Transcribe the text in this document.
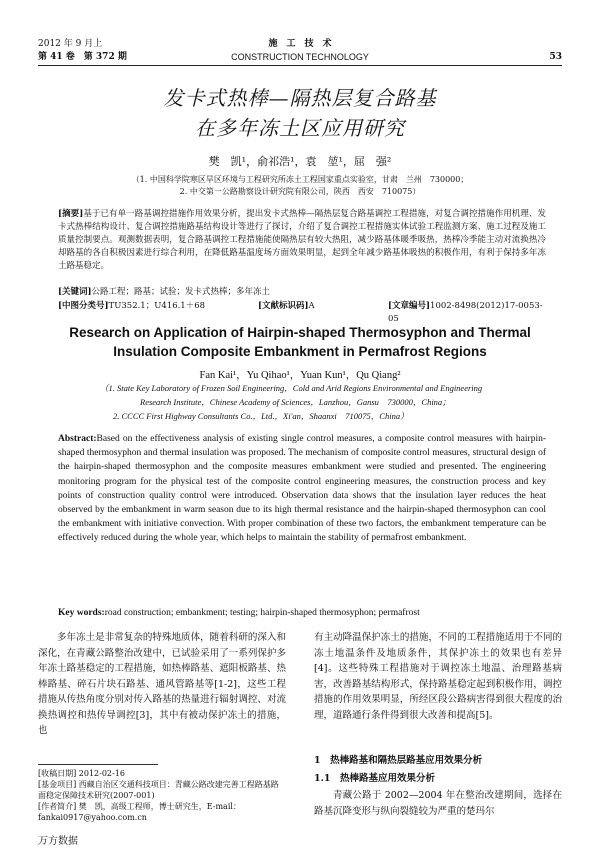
2012 年 9 月上
第 41 卷　第 372 期
施　工　技　术
CONSTRUCTION TECHNOLOGY	53
发卡式热棒—隔热层复合路基
在多年冻土区应用研究
樊　凯¹，俞祁浩¹，袁　堃¹，屈　强²
（1. 中国科学院寒区旱区环境与工程研究所冻土工程国家重点实验室，甘肃　兰州　730000；
2. 中交第一公路勘察设计研究院有限公司，陕西　西安　710075）
[摘要]基于已有单一路基调控措施作用效果分析，提出发卡式热棒—隔热层复合路基调控工程措施，对复合调控措施作用机理、发卡式热棒结构设计、复合调控措施路基结构设计等进行了探讨，介绍了复合调控工程措施实体试验工程监测方案、施工过程及施工质量控制要点。观测数据表明，复合路基调控工程措施能使隔热层有较大热阻，减少路基体暖季吸热，热棒冷季能主动对流换热冷却路基的各自积极因素进行综合利用，在降低路基温度场方面效果明显，起到全年减少路基体吸热的积极作用，有利于保持多年冻土路基稳定。
[关键词]公路工程；路基；试验；发卡式热棒；多年冻土
[中图分类号]TU352.1；U416.1＋68	[文献标识码]A	[文章编号]1002-8498(2012)17-0053-05
Research on Application of Hairpin-shaped Thermosyphon and Thermal
Insulation Composite Embankment in Permafrost Regions
Fan Kai¹，Yu Qihao¹，Yuan Kun¹，Qu Qiang²
（1. State Key Laboratory of Frozen Soil Engineering，Cold and Arid Regions Environmental and Engineering
Research Institute，Chinese Academy of Sciences，Lanzhou，Gansu　730000，China；
2. CCCC First Highway Consultants Co.，Ltd.，Xi'an，Shaanxi　710075，China）
Abstract:Based on the effectiveness analysis of existing single control measures, a composite control measures with hairpin-shaped thermosyphon and thermal insulation was proposed. The mechanism of composite control measures, structural design of the hairpin-shaped thermosyphon and the composite measures embankment were studied and presented. The engineering monitoring program for the physical test of the composite control engineering measures, the construction process and key points of construction quality control were introduced. Observation data shows that the insulation layer reduces the heat observed by the embankment in warm season due to its high thermal resistance and the hairpin-shaped thermosyphon can cool the embankment with initiative convection. With proper combination of these two factors, the embankment temperature can be effectively reduced during the whole year, which helps to maintain the stability of permafrost embankment.
Key words:road construction; embankment; testing; hairpin-shaped thermosyphon; permafrost
多年冻土是非常复杂的特殊地质体，随着科研的深入和深化，在青藏公路整治改建中，已试验采用了一系列保护多年冻土路基稳定的工程措施，如热棒路基、遮阳板路基、热棒路基、碎石片块石路基、通风管路基等[1-2]，这些工程措施从传热角度分别对传入路基的热量进行辐射调控、对流换热调控和热传导调控[3]，其中有被动保护冻土的措施，也
[收稿日期] 2012-02-16
[基金项目] 西藏自治区交通科技项目：青藏公路改建完善工程路基路面稳定保障技术研究(2007-001)
[作者简介] 樊　凯，高级工程师，博士研究生，E-mail：fankai0917@yahoo.com.cn
有主动降温保护冻土的措施，不同的工程措施适用于不同的冻土地温条件及地质条件，其保护冻土的效果也有差异[4]。这些特殊工程措施对于调控冻土地温、治理路基病害，改善路基结构形式，保持路基稳定起到积极作用，调控措施的作用效果明显，所经区段公路病害得到很大程度的治理，道路通行条件得到很大改善和提高[5]。
1　热棒路基和隔热层路基应用效果分析
1.1　热棒路基应用效果分析
青藏公路于 2002—2004 年在整治改建期间，选择在路基沉降变形与纵向裂缝较为严重的楚玛尔
万方数据
